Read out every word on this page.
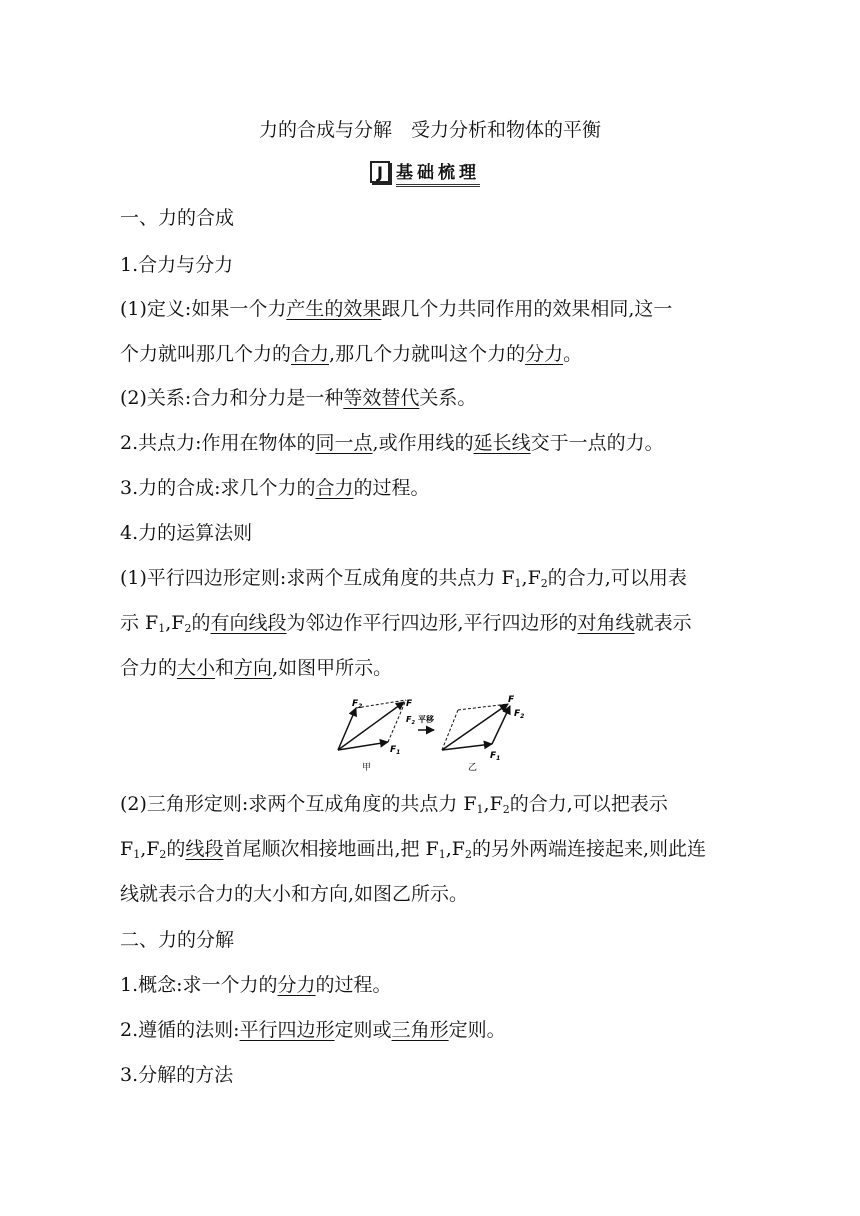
力的合成与分解　受力分析和物体的平衡
J 基础梳理
一、力的合成
1.合力与分力
(1)定义:如果一个力产生的效果跟几个力共同作用的效果相同,这一
个力就叫那几个力的合力,那几个力就叫这个力的分力。
(2)关系:合力和分力是一种等效替代关系。
2.共点力:作用在物体的同一点,或作用线的延长线交于一点的力。
3.力的合成:求几个力的合力的过程。
4.力的运算法则
(1)平行四边形定则:求两个互成角度的共点力 $F_1,F_2$的合力,可以用表
示 $F_1,F_2$的有向线段为邻边作平行四边形,平行四边形的对角线就表示
合力的大小和方向,如图甲所示。
$F_2$
$F_1$
F
甲
$F_2$ 平移
F
$F_2$
$F_1$
乙
(2)三角形定则:求两个互成角度的共点力 $F_1,F_2$的合力,可以把表示
$F_1,F_2$的线段首尾顺次相接地画出,把 $F_1,F_2$的另外两端连接起来,则此连
线就表示合力的大小和方向,如图乙所示。
二、力的分解
1.概念:求一个力的分力的过程。
2.遵循的法则:平行四边形定则或三角形定则。
3.分解的方法
